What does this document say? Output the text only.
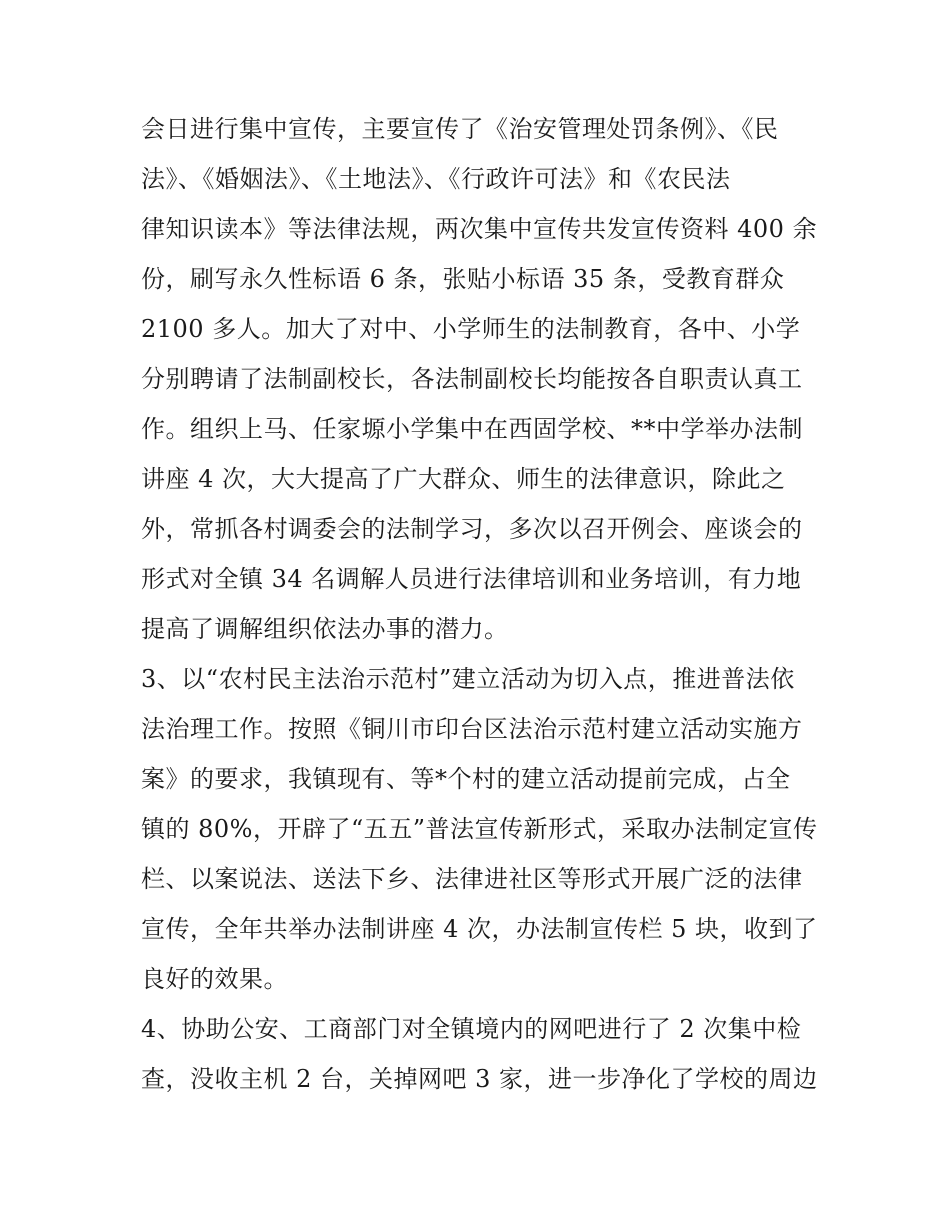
会日进行集中宣传，主要宣传了《治安管理处罚条例》、《民
法》、《婚姻法》、《土地法》、《行政许可法》和《农民法
律知识读本》等法律法规，两次集中宣传共发宣传资料 400 余
份，刷写永久性标语 6 条，张贴小标语 35 条，受教育群众
2100 多人。加大了对中、小学师生的法制教育，各中、小学
分别聘请了法制副校长，各法制副校长均能按各自职责认真工
作。组织上马、任家塬小学集中在西固学校、**中学举办法制
讲座 4 次，大大提高了广大群众、师生的法律意识，除此之
外，常抓各村调委会的法制学习，多次以召开例会、座谈会的
形式对全镇 34 名调解人员进行法律培训和业务培训，有力地
提高了调解组织依法办事的潜力。
3、以“农村民主法治示范村”建立活动为切入点，推进普法依
法治理工作。按照《铜川市印台区法治示范村建立活动实施方
案》的要求，我镇现有、等*个村的建立活动提前完成，占全
镇的 80%，开辟了“五五”普法宣传新形式，采取办法制定宣传
栏、以案说法、送法下乡、法律进社区等形式开展广泛的法律
宣传，全年共举办法制讲座 4 次，办法制宣传栏 5 块，收到了
良好的效果。
4、协助公安、工商部门对全镇境内的网吧进行了 2 次集中检
查，没收主机 2 台，关掉网吧 3 家，进一步净化了学校的周边
